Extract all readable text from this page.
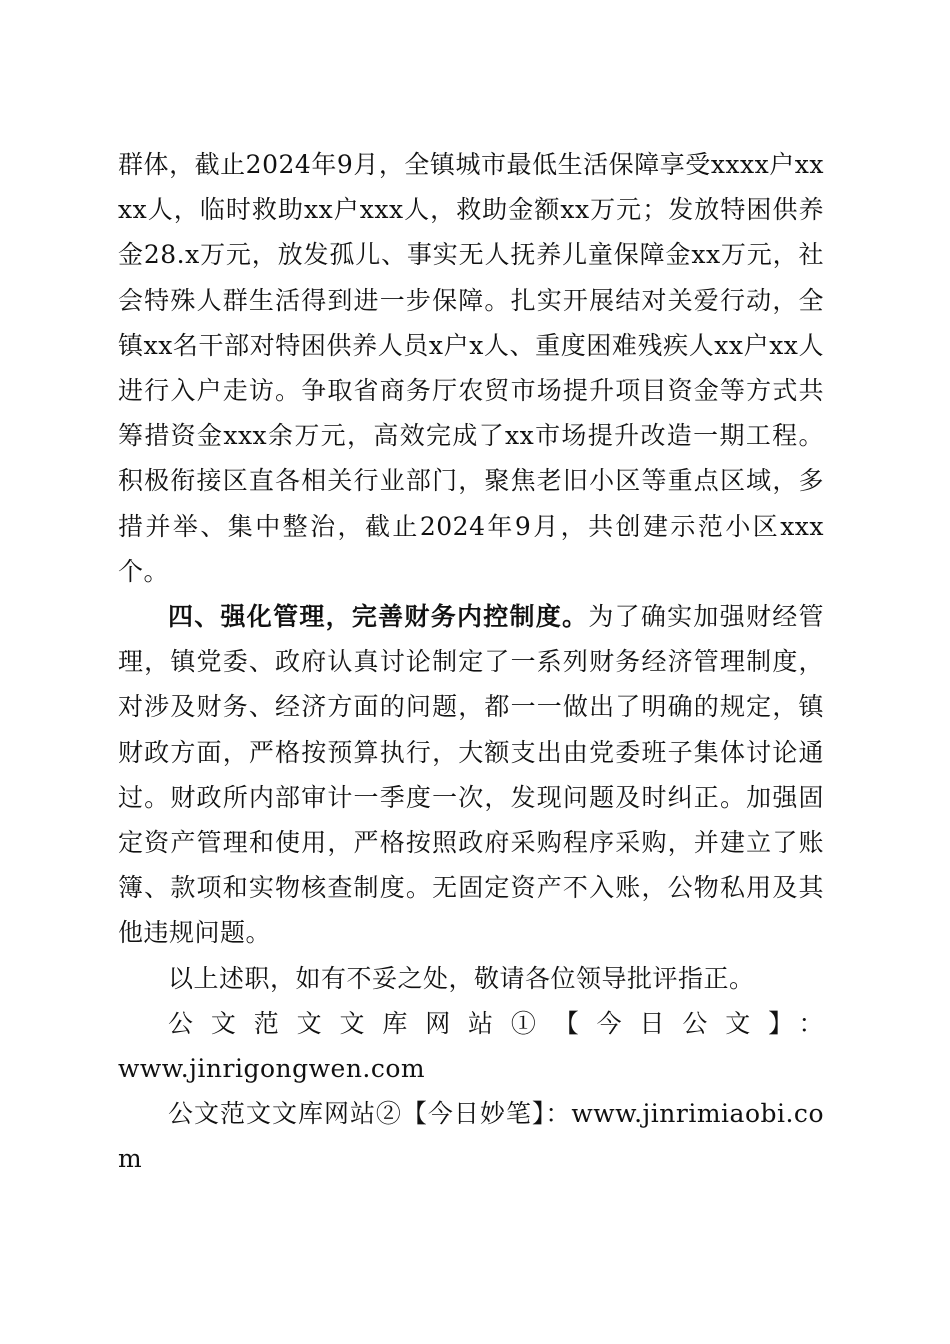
群体，截止2024年9月，全镇城市最低生活保障享受xxxx户xxxx人，临时救助xx户xxx人，救助金额xx万元；发放特困供养金28.x万元，放发孤儿、事实无人抚养儿童保障金xx万元，社会特殊人群生活得到进一步保障。扎实开展结对关爱行动，全镇xx名干部对特困供养人员x户x人、重度困难残疾人xx户xx人进行入户走访。争取省商务厅农贸市场提升项目资金等方式共筹措资金xxx余万元，高效完成了xx市场提升改造一期工程。积极衔接区直各相关行业部门，聚焦老旧小区等重点区域，多措并举、集中整治，截止2024年9月，共创建示范小区xxx个。

四、强化管理，完善财务内控制度。为了确实加强财经管理，镇党委、政府认真讨论制定了一系列财务经济管理制度，对涉及财务、经济方面的问题，都一一做出了明确的规定，镇财政方面，严格按预算执行，大额支出由党委班子集体讨论通过。财政所内部审计一季度一次，发现问题及时纠正。加强固定资产管理和使用，严格按照政府采购程序采购，并建立了账簿、款项和实物核查制度。无固定资产不入账，公物私用及其他违规问题。

以上述职，如有不妥之处，敬请各位领导批评指正。

公文范文文库网站①【今日公文】：

www.jinrigongwen.com

公文范文文库网站②【今日妙笔】：www.jinrimiaobi.com
